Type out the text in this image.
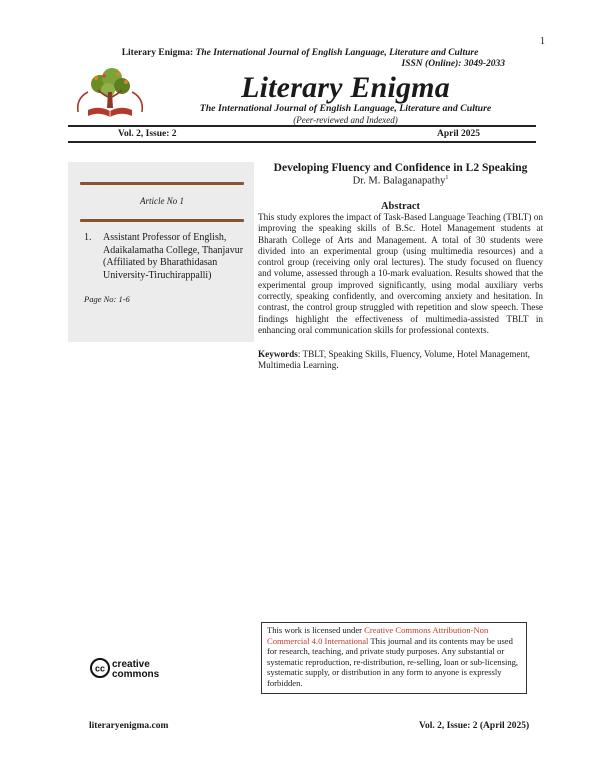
1
Literary Enigma: The International Journal of English Language, Literature and Culture
ISSN (Online): 3049-2033
Literary Enigma
The International Journal of English Language, Literature and Culture
(Peer-reviewed and Indexed)
Vol. 2, Issue: 2	April 2025
Article No 1
1. Assistant Professor of English, Adaikalamatha College, Thanjavur (Affiliated by Bharathidasan University-Tiruchirappalli)
Page No: 1-6
Developing Fluency and Confidence in L2 Speaking
Dr. M. Balaganapathy$^1$
Abstract
This study explores the impact of Task-Based Language Teaching (TBLT) on improving the speaking skills of B.Sc. Hotel Management students at Bharath College of Arts and Management. A total of 30 students were divided into an experimental group (using multimedia resources) and a control group (receiving only oral lectures). The study focused on fluency and volume, assessed through a 10-mark evaluation. Results showed that the experimental group improved significantly, using modal auxiliary verbs correctly, speaking confidently, and overcoming anxiety and hesitation. In contrast, the control group struggled with repetition and slow speech. These findings highlight the effectiveness of multimedia-assisted TBLT in enhancing oral communication skills for professional contexts.
Keywords: TBLT, Speaking Skills, Fluency, Volume, Hotel Management, Multimedia Learning.
cc creative
commons
This work is licensed under Creative Commons Attribution-Non Commercial 4.0 International This journal and its contents may be used for research, teaching, and private study purposes. Any substantial or systematic reproduction, re-distribution, re-selling, loan or sub-licensing, systematic supply, or distribution in any form to anyone is expressly forbidden.
literaryenigma.com	Vol. 2, Issue: 2 (April 2025)
